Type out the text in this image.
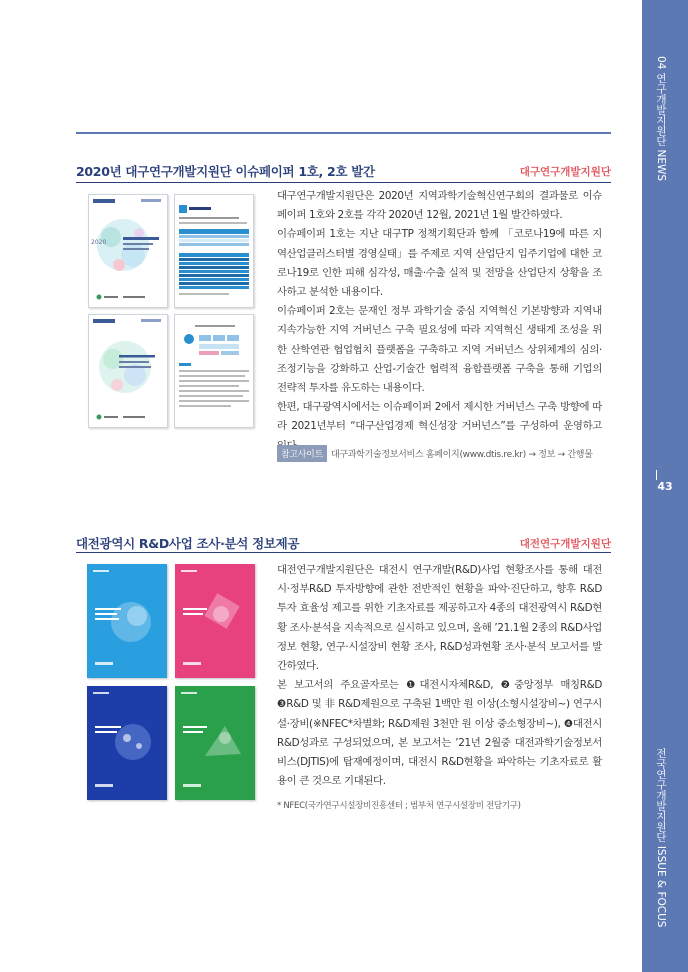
04 연구개발지원단 NEWS
43
전국연구개발지원단 ISSUE & FOCUS
2020년 대구연구개발지원단 이슈페이퍼 1호, 2호 발간	대구연구개발지원단
2020

대구연구개발지원단은 2020년 지역과학기술혁신연구회의 결과물로 이슈페이퍼 1호와 2호를 각각 2020년 12월, 2021년 1월 발간하였다.

이슈페이퍼 1호는 지난 대구TP 정책기획단과 함께 「코로나19에 따른 지역산업클러스터별 경영실태」를 주제로 지역 산업단지 입주기업에 대한 코로나19로 인한 피해 심각성, 매출·수출 실적 및 전망을 산업단지 상황을 조사하고 분석한 내용이다.

이슈페이퍼 2호는 문재인 정부 과학기술 중심 지역혁신 기본방향과 지역내 지속가능한 지역 거버넌스 구축 필요성에 따라 지역혁신 생태계 조성을 위한 산학연관 협업협치 플랫폼을 구축하고 지역 거버넌스 상위체계의 심의·조정기능을 강화하고 산업-기술간 협력적 융합플랫폼 구축을 통해 기업의 전략적 투자를 유도하는 내용이다.

한편, 대구광역시에서는 이슈페이퍼 2에서 제시한 거버넌스 구축 방향에 따라 2021년부터 “대구산업경제 혁신성장 거버넌스”를 구성하여 운영하고

참고사이트 대구과학기술정보서비스 홈페이지(www.dtis.re.kr) → 정보 → 간행물
대전광역시 R&D사업 조사·분석 정보제공	대전연구개발지원단

대전연구개발지원단은 대전시 연구개발(R&D)사업 현황조사를 통해 대전시·정부R&D 투자방향에 관한 전반적인 현황을 파악·진단하고, 향후 R&D투자 효율성 제고를 위한 기초자료를 제공하고자 4종의 대전광역시 R&D현황 조사·분석을 지속적으로 실시하고 있으며, 올해 ’21.1월 2종의 R&D사업정보 현황, 연구·시설장비 현황 조사, R&D성과현황 조사·분석 보고서를 발간하였다.

본 보고서의 주요골자로는 ❶대전시자체R&D, ❷중앙정부 매칭R&D ❸R&D 및 非 R&D제원으로 구축된 1백만 원 이상(소형시설장비~) 연구시설·장비(※NFEC*차별화; R&D제원 3천만 원 이상 중소형장비~), ❹대전시 R&D성과로 구성되었으며, 본 보고서는 ’21년 2월중 대전과학기술정보서비스(DJTIS)에 탑재예정이며, 대전시 R&D현황을 파악하는 기초자료로 활용이 큰 것으로 기대된다.

* NFEC(국가연구시설장비진흥센터 ; 범부처 연구시설장비 전담기구)
